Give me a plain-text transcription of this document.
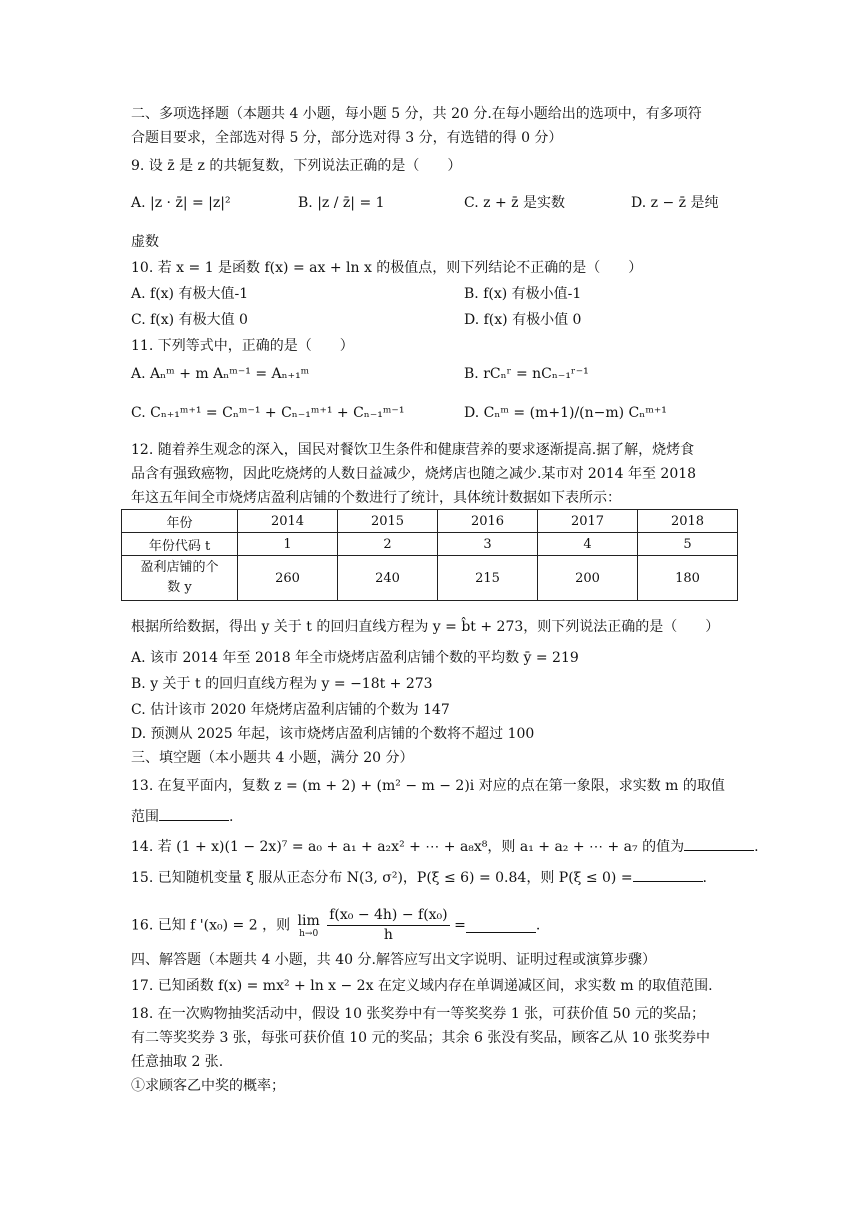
二、多项选择题（本题共 4 小题，每小题 5 分，共 20 分.在每小题给出的选项中，有多项符
合题目要求，全部选对得 5 分，部分选对得 3 分，有选错的得 0 分）
9. 设 z̄ 是 z 的共轭复数，下列说法正确的是（　　）
A. |z · z̄| = |z|²	B. |z / z̄| = 1	C. z + z̄ 是实数	D. z − z̄ 是纯
虚数
10. 若 x = 1 是函数 f(x) = ax + ln x 的极值点，则下列结论不正确的是（　　）
A. f(x) 有极大值-1	B. f(x) 有极小值-1
C. f(x) 有极大值 0	D. f(x) 有极小值 0
11. 下列等式中，正确的是（　　）
A. Aₙᵐ + m Aₙᵐ⁻¹ = Aₙ₊₁ᵐ	B. rCₙʳ = nCₙ₋₁ʳ⁻¹
C. Cₙ₊₁ᵐ⁺¹ = Cₙᵐ⁻¹ + Cₙ₋₁ᵐ⁺¹ + Cₙ₋₁ᵐ⁻¹	D. Cₙᵐ = (m+1)/(n−m) Cₙᵐ⁺¹
12. 随着养生观念的深入，国民对餐饮卫生条件和健康营养的要求逐渐提高.据了解，烧烤食
品含有强致癌物，因此吃烧烤的人数日益减少，烧烤店也随之减少.某市对 2014 年至 2018
年这五年间全市烧烤店盈利店铺的个数进行了统计，具体统计数据如下表所示：
年份	2014	2015	2016	2017	2018
年份代码 t	1	2	3	4	5

盈利店铺的个
数 y	260	240	215	200	180
根据所给数据，得出 y 关于 t 的回归直线方程为 y = b̂t + 273，则下列说法正确的是（　　）
A. 该市 2014 年至 2018 年全市烧烤店盈利店铺个数的平均数 ȳ = 219
B. y 关于 t 的回归直线方程为 y = −18t + 273
C. 估计该市 2020 年烧烤店盈利店铺的个数为 147
D. 预测从 2025 年起，该市烧烤店盈利店铺的个数将不超过 100
三、填空题（本小题共 4 小题，满分 20 分）
13. 在复平面内，复数 z = (m + 2) + (m² − m − 2)i 对应的点在第一象限，求实数 m 的取值
范围	.
14. 若 (1 + x)(1 − 2x)⁷ = a₀ + a₁ + a₂x² + ⋯ + a₈x⁸，则 a₁ + a₂ + ⋯ + a₇ 的值为	.
15. 已知随机变量 ξ 服从正态分布 N(3, σ²)，P(ξ ≤ 6) = 0.84，则 P(ξ ≤ 0) =	.
16. 已知 f '(x₀) = 2 ，则 lim
h→0
$\frac{\text{f(x₀ − 4h) − f(x₀)}}{h}$ =	.
四、解答题（本题共 4 小题，共 40 分.解答应写出文字说明、证明过程或演算步骤）
17. 已知函数 f(x) = mx² + ln x − 2x 在定义域内存在单调递减区间，求实数 m 的取值范围.
18. 在一次购物抽奖活动中，假设 10 张奖券中有一等奖奖券 1 张，可获价值 50 元的奖品；
有二等奖奖券 3 张，每张可获价值 10 元的奖品；其余 6 张没有奖品，顾客乙从 10 张奖券中
任意抽取 2 张.
①求顾客乙中奖的概率；
